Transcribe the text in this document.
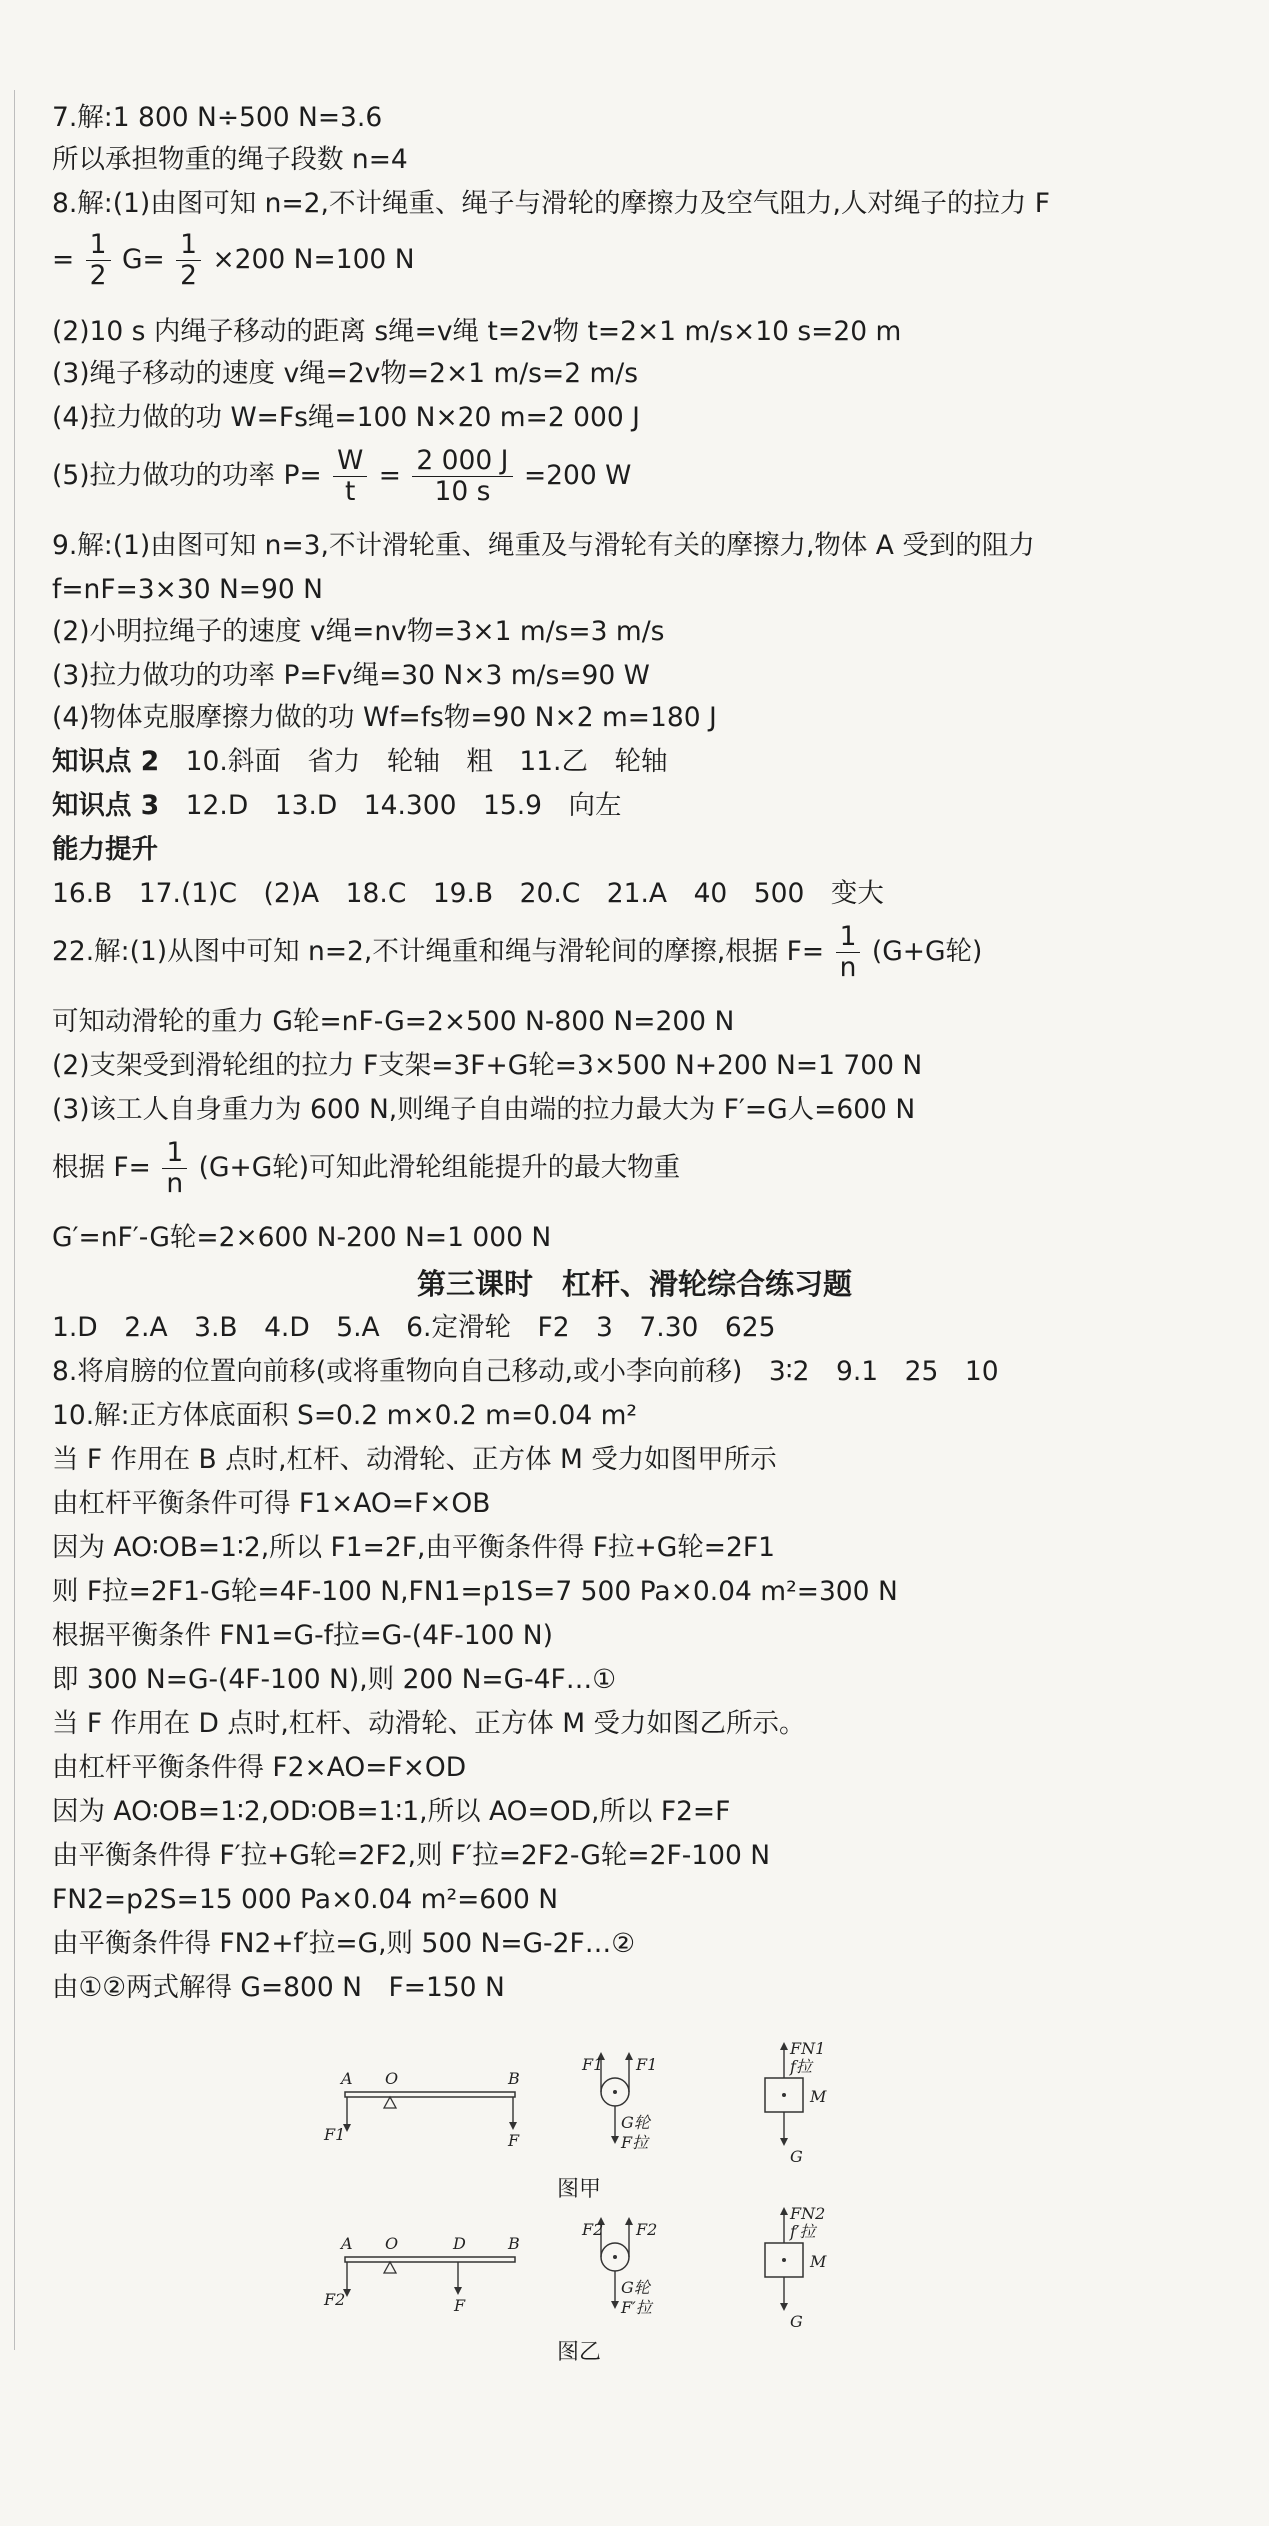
7.解:1 800 N÷500 N=3.6
所以承担物重的绳子段数 n=4
8.解:(1)由图可知 n=2,不计绳重、绳子与滑轮的摩擦力及空气阻力,人对绳子的拉力 F
= $\frac{1}{2} G= \frac{1}{2} \times 200$ N=100 N
(2)10 s 内绳子移动的距离 s绳=v绳 t=2v物 t=2×1 m/s×10 s=20 m
(3)绳子移动的速度 v绳=2v物=2×1 m/s=2 m/s
(4)拉力做的功 W=Fs绳=100 N×20 m=2 000 J
(5)拉力做功的功率 $P= \frac{W}{t} = \frac{2 000 J}{10 s} =200$ W
9.解:(1)由图可知 n=3,不计滑轮重、绳重及与滑轮有关的摩擦力,物体 A 受到的阻力
f=nF=3×30 N=90 N
(2)小明拉绳子的速度 v绳=nv物=3×1 m/s=3 m/s
(3)拉力做功的功率 P=Fv绳=30 N×3 m/s=90 W
(4)物体克服摩擦力做的功 Wf=fs物=90 N×2 m=180 J
知识点 2　 10.斜面　省力　轮轴　粗　11.乙　轮轴
知识点 3　 12.D　13.D　14.300　15.9　向左
能力提升
16.B　17.(1)C　(2)A　18.C　19.B　20.C　21.A　40　500　变大
22.解:(1)从图中可知 n=2,不计绳重和绳与滑轮间的摩擦,根据 $F= \frac{1}{n} (G+G$轮)
可知动滑轮的重力 G轮=nF-G=2×500 N-800 N=200 N
(2)支架受到滑轮组的拉力 F支架=3F+G轮=3×500 N+200 N=1 700 N
(3)该工人自身重力为 600 N,则绳子自由端的拉力最大为 F′=G人=600 N
根据 $F= \frac{1}{n} (G+G$轮)可知此滑轮组能提升的最大物重
G′=nF′-G轮=2×600 N-200 N=1 000 N
第三课时　杠杆、滑轮综合练习题
1.D　2.A　3.B　4.D　5.A　6.定滑轮　F2　3　7.30　625
8.将肩膀的位置向前移(或将重物向自己移动,或小李向前移)　3∶2　9.1　25　10
10.解:正方体底面积 S=0.2 m×0.2 m=0.04 m²
当 F 作用在 B 点时,杠杆、动滑轮、正方体 M 受力如图甲所示
由杠杆平衡条件可得 F1×AO=F×OB
因为 AO∶OB=1∶2,所以 F1=2F,由平衡条件得 F拉+G轮=2F1
则 F拉=2F1-G轮=4F-100 N,FN1=p1S=7 500 Pa×0.04 m²=300 N
根据平衡条件 FN1=G-f拉=G-(4F-100 N)
即 300 N=G-(4F-100 N),则 200 N=G-4F…①
当 F 作用在 D 点时,杠杆、动滑轮、正方体 M 受力如图乙所示。
由杠杆平衡条件得 F2×AO=F×OD
因为 AO∶OB=1∶2,OD∶OB=1∶1,所以 AO=OD,所以 F2=F
由平衡条件得 F′拉+G轮=2F2,则 F′拉=2F2-G轮=2F-100 N
FN2=p2S=15 000 Pa×0.04 m²=600 N
由平衡条件得 FN2+f′拉=G,则 500 N=G-2F…②
由①②两式解得 G=800 N　F=150 N
A O	B
F1	F
F1 F1
G轮
F拉
FN1
f拉
M
G
图甲
A O	D	B
F2	F
F2 F2
G轮
F′拉
FN2
f′拉
M
G
图乙
